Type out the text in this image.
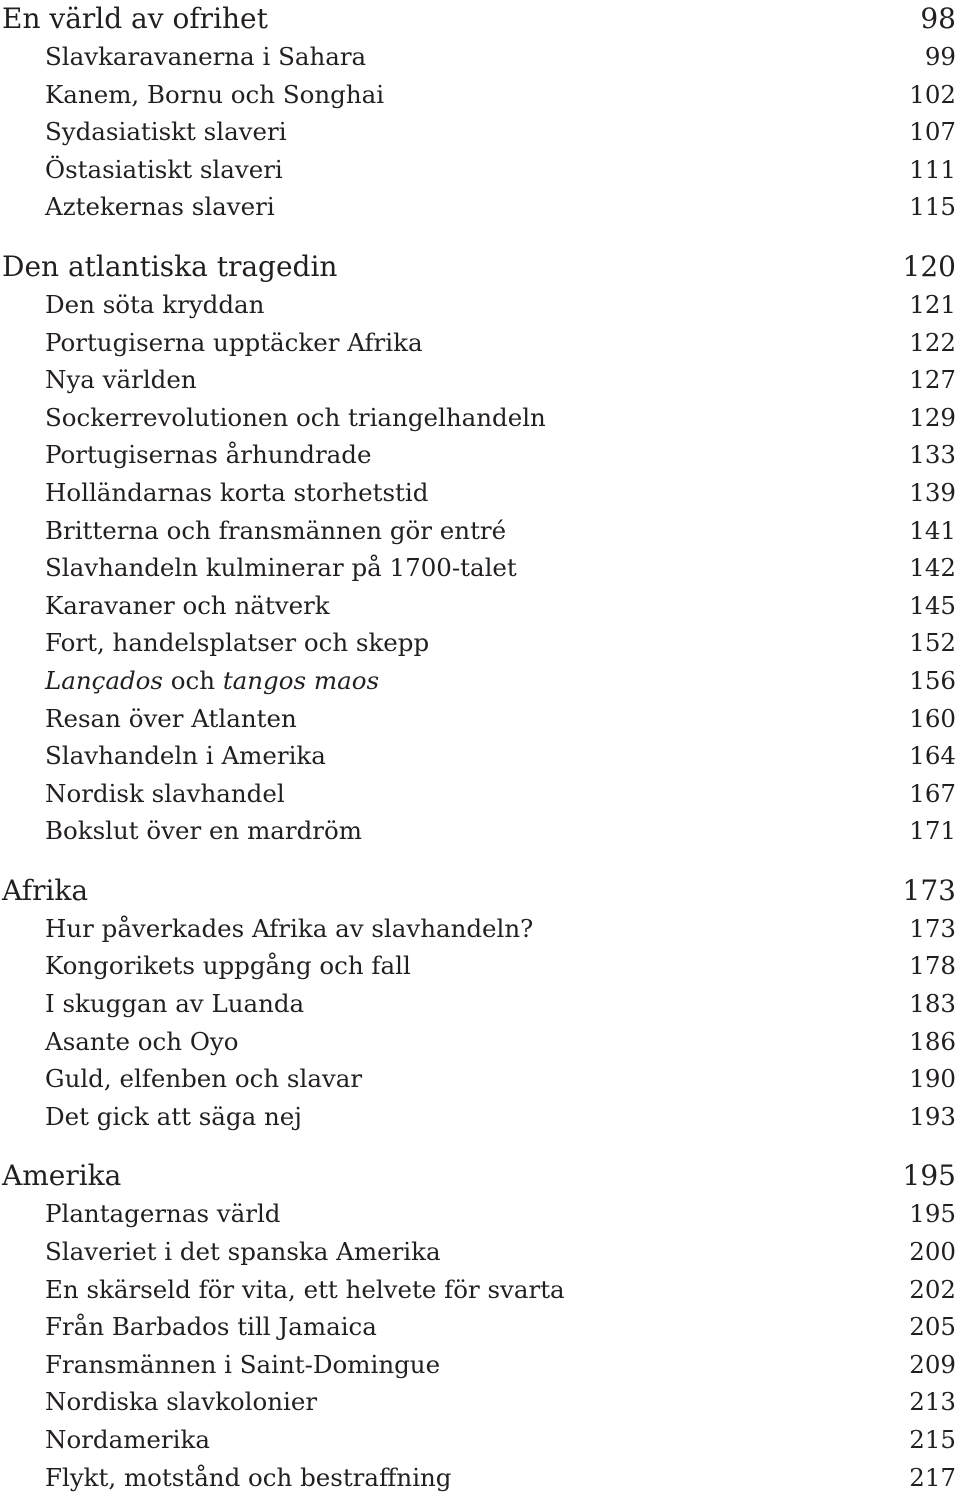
En värld av ofrihet	98
Slavkaravanerna i Sahara	99
Kanem, Bornu och Songhai	102
Sydasiatiskt slaveri	107
Östasiatiskt slaveri	111
Aztekernas slaveri	115
Den atlantiska tragedin	120
Den söta kryddan	121
Portugiserna upptäcker Afrika	122
Nya världen	127
Sockerrevolutionen och triangelhandeln	129
Portugisernas århundrade	133
Holländarnas korta storhetstid	139
Britterna och fransmännen gör entré	141
Slavhandeln kulminerar på 1700-talet	142
Karavaner och nätverk	145
Fort, handelsplatser och skepp	152
Lançados och tangos maos	156
Resan över Atlanten	160
Slavhandeln i Amerika	164
Nordisk slavhandel	167
Bokslut över en mardröm	171
Afrika	173
Hur påverkades Afrika av slavhandeln?	173
Kongorikets uppgång och fall	178
I skuggan av Luanda	183
Asante och Oyo	186
Guld, elfenben och slavar	190
Det gick att säga nej	193
Amerika	195
Plantagernas värld	195
Slaveriet i det spanska Amerika	200
En skärseld för vita, ett helvete för svarta	202
Från Barbados till Jamaica	205
Fransmännen i Saint-Domingue	209
Nordiska slavkolonier	213
Nordamerika	215
Flykt, motstånd och bestraffning	217
